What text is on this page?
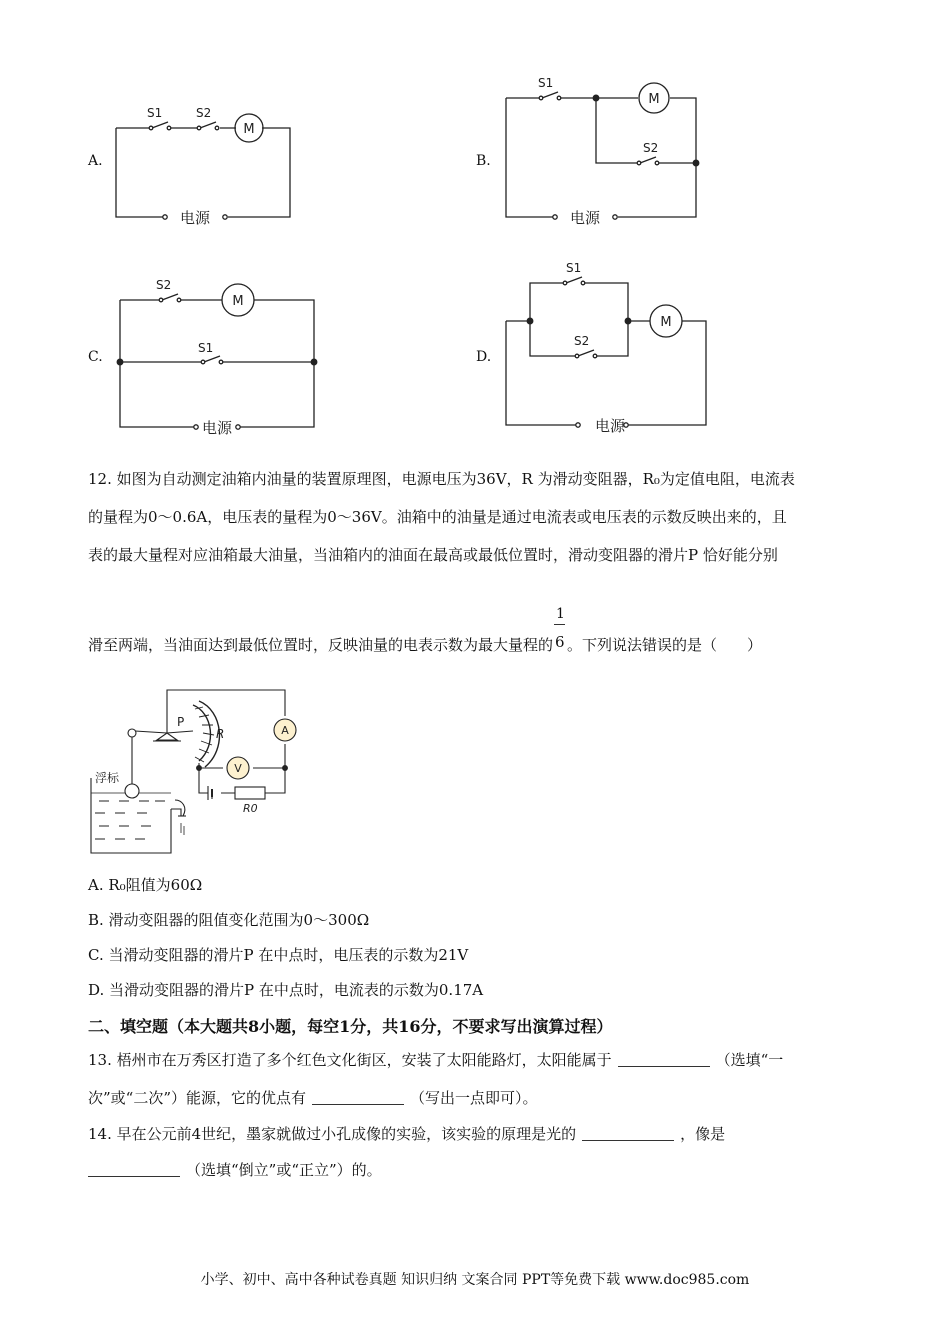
A.
M
S1	S2
电源
B.
M
S1
S2
电源
C.
M
S2
S1
电源
D.
M
S1
S2
电源
12. 如图为自动测定油箱内油量的装置原理图，电源电压为36V，R 为滑动变阻器，R₀为定值电阻，电流表
的量程为0～0.6A，电压表的量程为0～36V。油箱中的油量是通过电流表或电压表的示数反映出来的，且
表的最大量程对应油箱最大油量，当油箱内的油面在最高或最低位置时，滑动变阻器的滑片P 恰好能分别
滑至两端，当油面达到最低位置时，反映油量的电表示数为最大量程的 $\frac{1}{6}$ 。下列说法错误的是（　　）
A
V
P
R
R0
浮标
A. R₀阻值为60Ω
B. 滑动变阻器的阻值变化范围为0～300Ω
C. 当滑动变阻器的滑片P 在中点时，电压表的示数为21V
D. 当滑动变阻器的滑片P 在中点时，电流表的示数为0.17A
二、填空题（本大题共8小题，每空1分，共16分，不要求写出演算过程）
13. 梧州市在万秀区打造了多个红色文化街区，安装了太阳能路灯，太阳能属于	（选填“一
次”或“二次”）能源，它的优点有	（写出一点即可）。
14. 早在公元前4世纪，墨家就做过小孔成像的实验，该实验的原理是光的	，像是
（选填“倒立”或“正立”）的。
小学、初中、高中各种试卷真题 知识归纳 文案合同 PPT等免费下载 www.doc985.com
